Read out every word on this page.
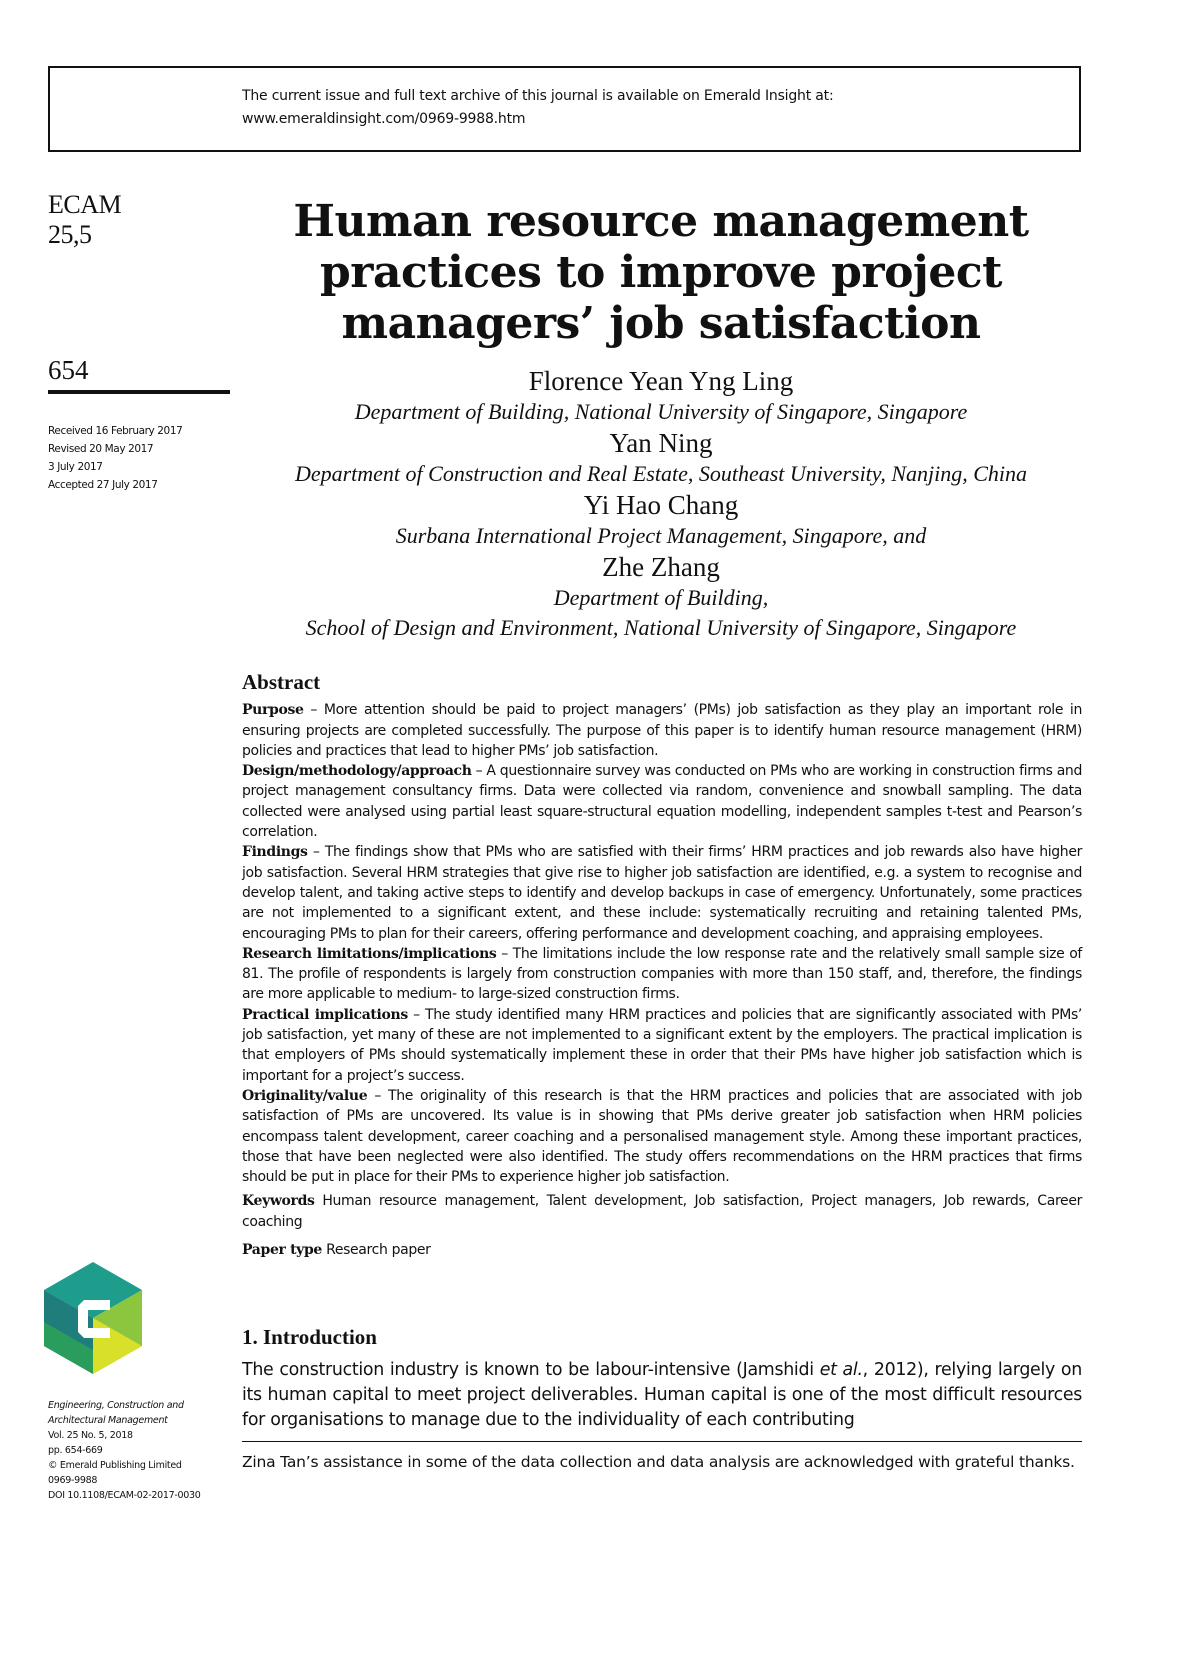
The current issue and full text archive of this journal is available on Emerald Insight at:
www.emeraldinsight.com/0969-9988.htm
ECAM
25,5
654
Received 16 February 2017
Revised 20 May 2017
3 July 2017
Accepted 27 July 2017
Engineering, Construction and
Architectural Management
Vol. 25 No. 5, 2018
pp. 654-669
© Emerald Publishing Limited
0969-9988
DOI 10.1108/ECAM-02-2017-0030
Human resource management
practices to improve project
managers’ job satisfaction
Florence Yean Yng Ling
Department of Building, National University of Singapore, Singapore
Yan Ning
Department of Construction and Real Estate, Southeast University, Nanjing, China
Yi Hao Chang
Surbana International Project Management, Singapore, and
Zhe Zhang
Department of Building,
School of Design and Environment, National University of Singapore, Singapore
Abstract

Purpose – More attention should be paid to project managers’ (PMs) job satisfaction as they play an important role in ensuring projects are completed successfully. The purpose of this paper is to identify human resource management (HRM) policies and practices that lead to higher PMs’ job satisfaction.

Design/methodology/approach – A questionnaire survey was conducted on PMs who are working in construction firms and project management consultancy firms. Data were collected via random, convenience and snowball sampling. The data collected were analysed using partial least square-structural equation modelling, independent samples t-test and Pearson’s correlation.

Findings – The findings show that PMs who are satisfied with their firms’ HRM practices and job rewards also have higher job satisfaction. Several HRM strategies that give rise to higher job satisfaction are identified, e.g. a system to recognise and develop talent, and taking active steps to identify and develop backups in case of emergency. Unfortunately, some practices are not implemented to a significant extent, and these include: systematically recruiting and retaining talented PMs, encouraging PMs to plan for their careers, offering performance and development coaching, and appraising employees.

Research limitations/implications – The limitations include the low response rate and the relatively small sample size of 81. The profile of respondents is largely from construction companies with more than 150 staff, and, therefore, the findings are more applicable to medium- to large-sized construction firms.

Practical implications – The study identified many HRM practices and policies that are significantly associated with PMs’ job satisfaction, yet many of these are not implemented to a significant extent by the employers. The practical implication is that employers of PMs should systematically implement these in order that their PMs have higher job satisfaction which is important for a project’s success.

Originality/value – The originality of this research is that the HRM practices and policies that are associated with job satisfaction of PMs are uncovered. Its value is in showing that PMs derive greater job satisfaction when HRM policies encompass talent development, career coaching and a personalised management style. Among these important practices, those that have been neglected were also identified. The study offers recommendations on the HRM practices that firms should be put in place for their PMs to experience higher job satisfaction.

Keywords Human resource management, Talent development, Job satisfaction, Project managers, Job rewards, Career coaching

Paper type Research paper

1. Introduction

The construction industry is known to be labour-intensive (Jamshidi et al., 2012), relying largely on its human capital to meet project deliverables. Human capital is one of the most difficult resources for organisations to manage due to the individuality of each contributing

Zina Tan’s assistance in some of the data collection and data analysis are acknowledged with grateful thanks.
